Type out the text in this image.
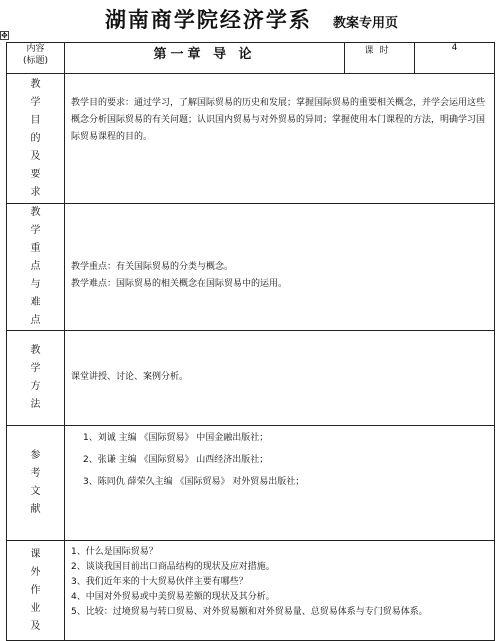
湖南商学院经济学系 教案专用页
✥
内容
(标题)	第一章 导 论	课时	4
教学目的及要求	教学目的要求：通过学习，了解国际贸易的历史和发展；掌握国际贸易的重要相关概念，并学会运用这些概念分析国际贸易的有关问题；认识国内贸易与对外贸易的异同；掌握使用本门课程的方法，明确学习国际贸易课程的目的。		

教学重点与难点	教学重点：有关国际贸易的分类与概念。
教学难点：国际贸易的相关概念在国际贸易中的运用。		

教学方法	课堂讲授、讨论、案例分析。		

参考文献	1、刘诚 主编 《国际贸易》 中国金融出版社；
2、张谦 主编 《国际贸易》 山西经济出版社；
3、陈同仇 薛荣久主编 《国际贸易》 对外贸易出版社；		

课外作业及	1、什么是国际贸易？
2、谈谈我国目前出口商品结构的现状及应对措施。
3、我们近年来的十大贸易伙伴主要有哪些？
4、中国对外贸易或中美贸易差额的现状及其分析。
5、比较：过境贸易与转口贸易、对外贸易额和对外贸易量、总贸易体系与专门贸易体系。		
